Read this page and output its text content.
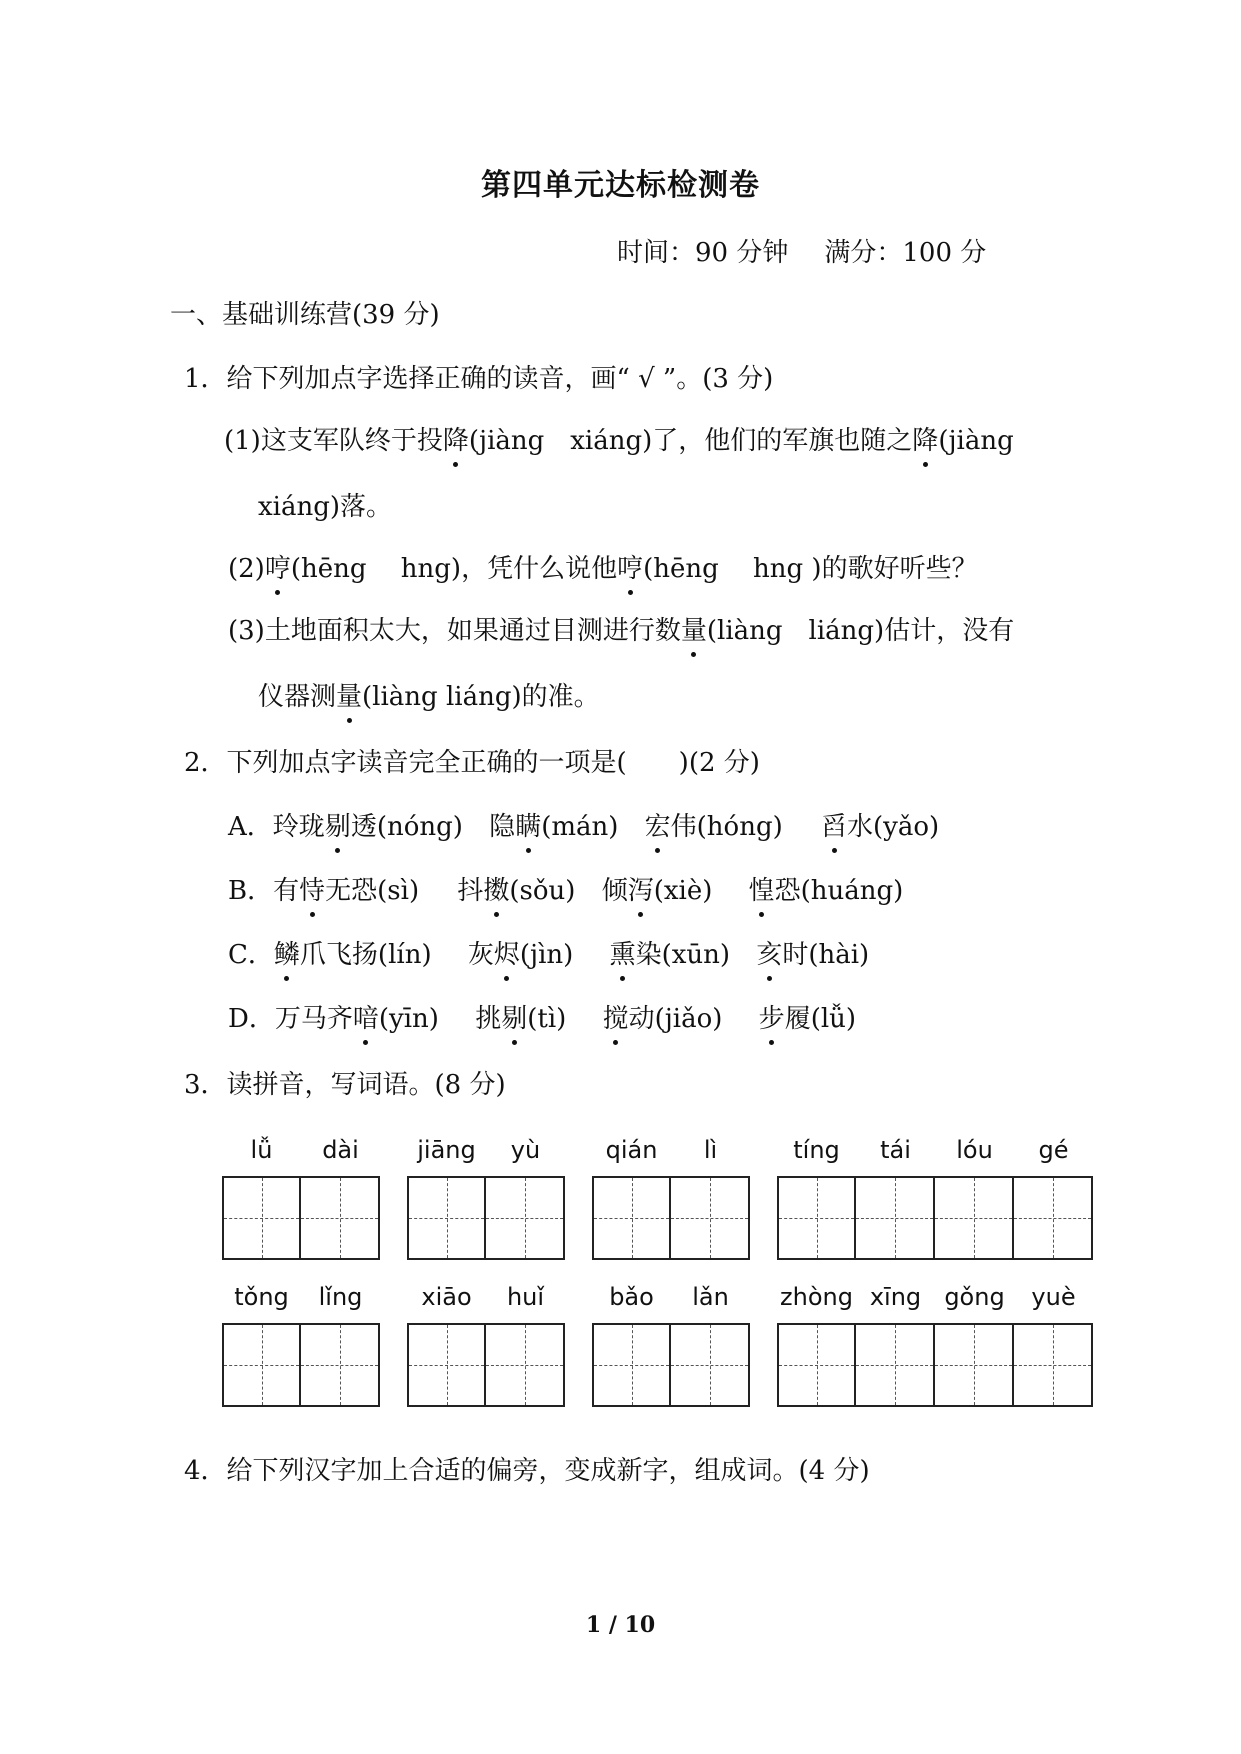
第四单元达标检测卷
时间：90 分钟 满分：100 分
一、基础训练营(39 分)
1．给下列加点字选择正确的读音，画“ √ ”。(3 分)
(1)这支军队终于投降(jiàng　xiáng)了，他们的军旗也随之降(jiàng
xiáng)落。
(2)哼(hēng　 hng)，凭什么说他哼(hēng　 hng )的歌好听些？
(3)土地面积太大，如果通过目测进行数量(liàng　liáng)估计，没有
仪器测量(liàng liáng)的准。
2．下列加点字读音完全正确的一项是(　　)(2 分)
A．玲珑剔透(nóng) 隐瞒(mán) 宏伟(hóng) 舀水(yǎo)
B．有恃无恐(sì) 抖擞(sǒu) 倾泻(xiè) 惶恐(huáng)
C．鳞爪飞扬(lín) 灰烬(jìn) 熏染(xūn) 亥时(hài)
D．万马齐喑(yīn) 挑剔(tì) 搅动(jiǎo) 步履(lǚ)
3．读拼音，写词语。(8 分)
lǚ	dài	jiāng	yù	qián	lì	tíng	tái	lóu	gé
tǒng	lǐng	xiāo	huǐ	bǎo	lǎn	zhòng xīng gǒng	yuè
4．给下列汉字加上合适的偏旁，变成新字，组成词。(4 分)
1 / 10
